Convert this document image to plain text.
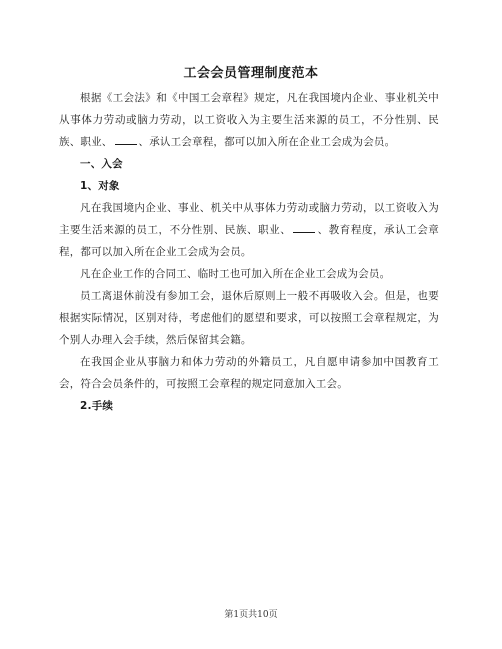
工会会员管理制度范本

根据《工会法》和《中国工会章程》规定，凡在我国境内企业、事业机关中从事体力劳动或脑力劳动，以工资收入为主要生活来源的员工，不分性别、民族、职业、 、承认工会章程，都可以加入所在企业工会成为会员。

一、入会
1、对象

凡在我国境内企业、事业、机关中从事体力劳动或脑力劳动，以工资收入为主要生活来源的员工，不分性别、民族、职业、 、教育程度，承认工会章程，都可以加入所在企业工会成为会员。

凡在企业工作的合同工、临时工也可加入所在企业工会成为会员。

员工离退休前没有参加工会，退休后原则上一般不再吸收入会。但是，也要根据实际情况，区别对待，考虑他们的愿望和要求，可以按照工会章程规定，为个别人办理入会手续，然后保留其会籍。

在我国企业从事脑力和体力劳动的外籍员工，凡自愿申请参加中国教育工会，符合会员条件的，可按照工会章程的规定同意加入工会。

2.手续
第1页共10页
